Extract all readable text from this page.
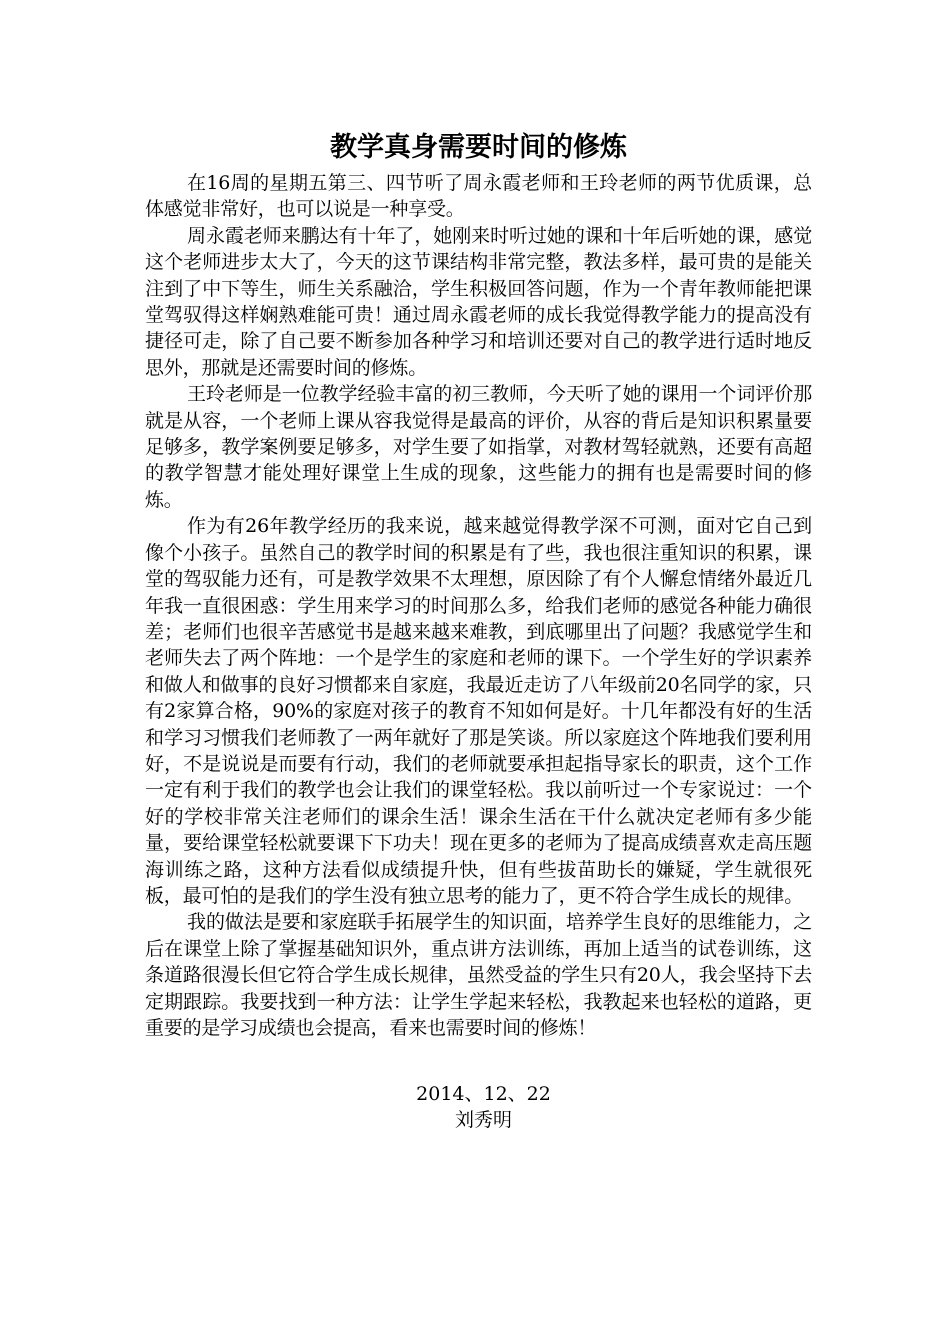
教学真身需要时间的修炼

在16周的星期五第三、四节听了周永霞老师和王玲老师的两节优质课，总体感觉非常好，也可以说是一种享受。

周永霞老师来鹏达有十年了，她刚来时听过她的课和十年后听她的课，感觉这个老师进步太大了，今天的这节课结构非常完整，教法多样，最可贵的是能关注到了中下等生，师生关系融洽，学生积极回答问题，作为一个青年教师能把课堂驾驭得这样娴熟难能可贵！通过周永霞老师的成长我觉得教学能力的提高没有捷径可走，除了自己要不断参加各种学习和培训还要对自己的教学进行适时地反思外，那就是还需要时间的修炼。

王玲老师是一位教学经验丰富的初三教师，今天听了她的课用一个词评价那就是从容，一个老师上课从容我觉得是最高的评价，从容的背后是知识积累量要足够多，教学案例要足够多，对学生要了如指掌，对教材驾轻就熟，还要有高超的教学智慧才能处理好课堂上生成的现象，这些能力的拥有也是需要时间的修炼。

作为有26年教学经历的我来说，越来越觉得教学深不可测，面对它自己到像个小孩子。虽然自己的教学时间的积累是有了些，我也很注重知识的积累，课堂的驾驭能力还有，可是教学效果不太理想，原因除了有个人懈怠情绪外最近几年我一直很困惑：学生用来学习的时间那么多，给我们老师的感觉各种能力确很差；老师们也很辛苦感觉书是越来越来难教，到底哪里出了问题？我感觉学生和老师失去了两个阵地：一个是学生的家庭和老师的课下。一个学生好的学识素养和做人和做事的良好习惯都来自家庭，我最近走访了八年级前20名同学的家，只有2家算合格，90%的家庭对孩子的教育不知如何是好。十几年都没有好的生活和学习习惯我们老师教了一两年就好了那是笑谈。所以家庭这个阵地我们要利用好，不是说说是而要有行动，我们的老师就要承担起指导家长的职责，这个工作一定有利于我们的教学也会让我们的课堂轻松。我以前听过一个专家说过：一个好的学校非常关注老师们的课余生活！课余生活在干什么就决定老师有多少能量，要给课堂轻松就要课下下功夫！现在更多的老师为了提高成绩喜欢走高压题海训练之路，这种方法看似成绩提升快，但有些拔苗助长的嫌疑，学生就很死板，最可怕的是我们的学生没有独立思考的能力了，更不符合学生成长的规律。

我的做法是要和家庭联手拓展学生的知识面，培养学生良好的思维能力，之后在课堂上除了掌握基础知识外，重点讲方法训练，再加上适当的试卷训练，这条道路很漫长但它符合学生成长规律，虽然受益的学生只有20人，我会坚持下去定期跟踪。我要找到一种方法：让学生学起来轻松，我教起来也轻松的道路，更重要的是学习成绩也会提高，看来也需要时间的修炼！

2014、12、22
刘秀明
